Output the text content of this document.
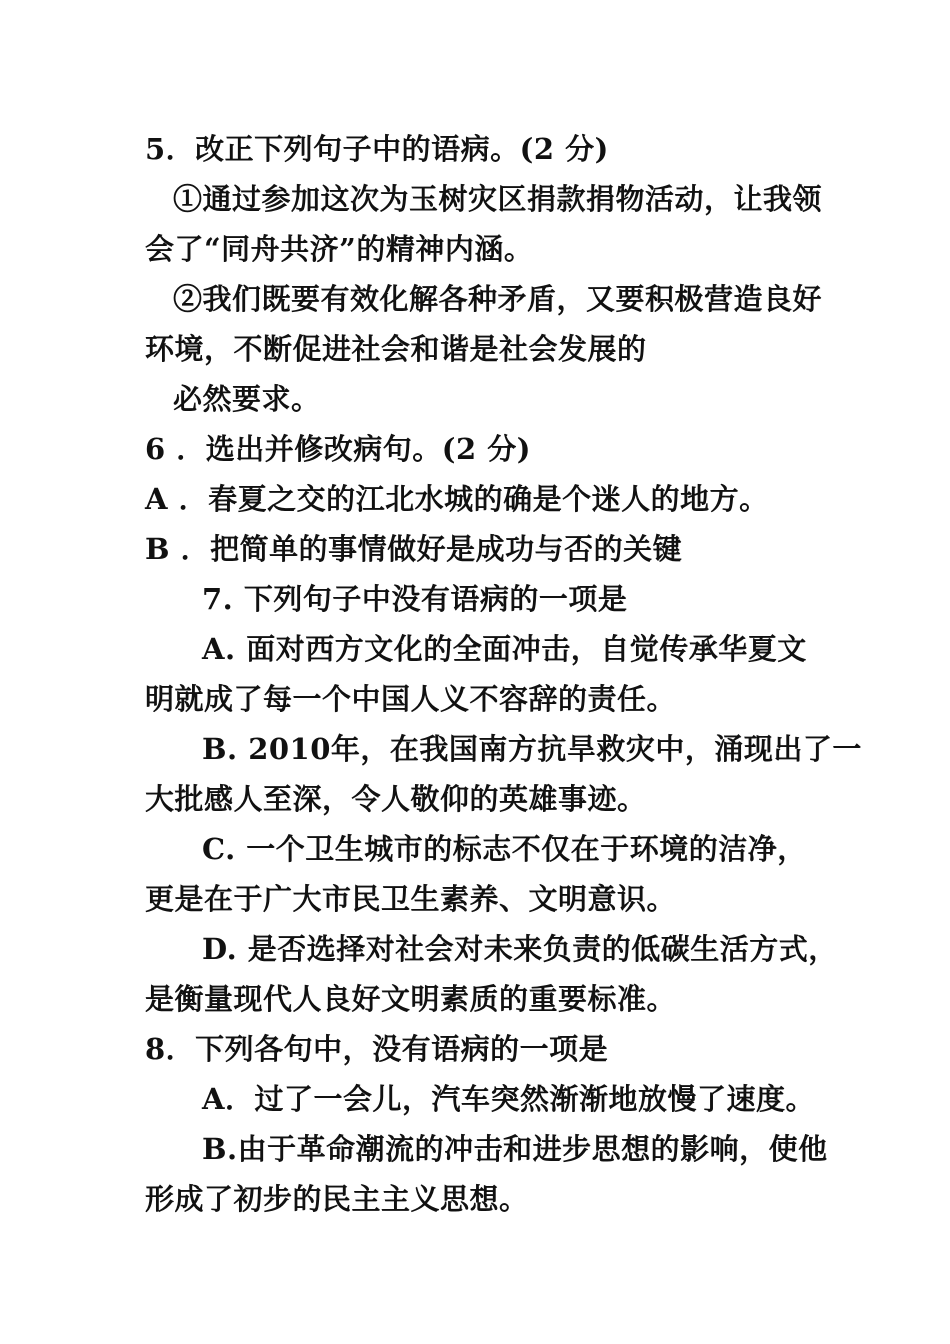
5．改正下列句子中的语病。(2 分)
①通过参加这次为玉树灾区捐款捐物活动，让我领
会了“同舟共济”的精神内涵。
②我们既要有效化解各种矛盾，又要积极营造良好
环境，不断促进社会和谐是社会发展的
必然要求。
6 ．选出并修改病句。(2 分)
A ．春夏之交的江北水城的确是个迷人的地方。
B ．把简单的事情做好是成功与否的关键
7. 下列句子中没有语病的一项是
A. 面对西方文化的全面冲击，自觉传承华夏文
明就成了每一个中国人义不容辞的责任。
B. 2010年，在我国南方抗旱救灾中，涌现出了一
大批感人至深，令人敬仰的英雄事迹。
C. 一个卫生城市的标志不仅在于环境的洁净，
更是在于广大市民卫生素养、文明意识。
D. 是否选择对社会对未来负责的低碳生活方式，
是衡量现代人良好文明素质的重要标准。
8．下列各句中，没有语病的一项是
A．过了一会儿，汽车突然渐渐地放慢了速度。
B.由于革命潮流的冲击和进步思想的影响，使他
形成了初步的民主主义思想。
